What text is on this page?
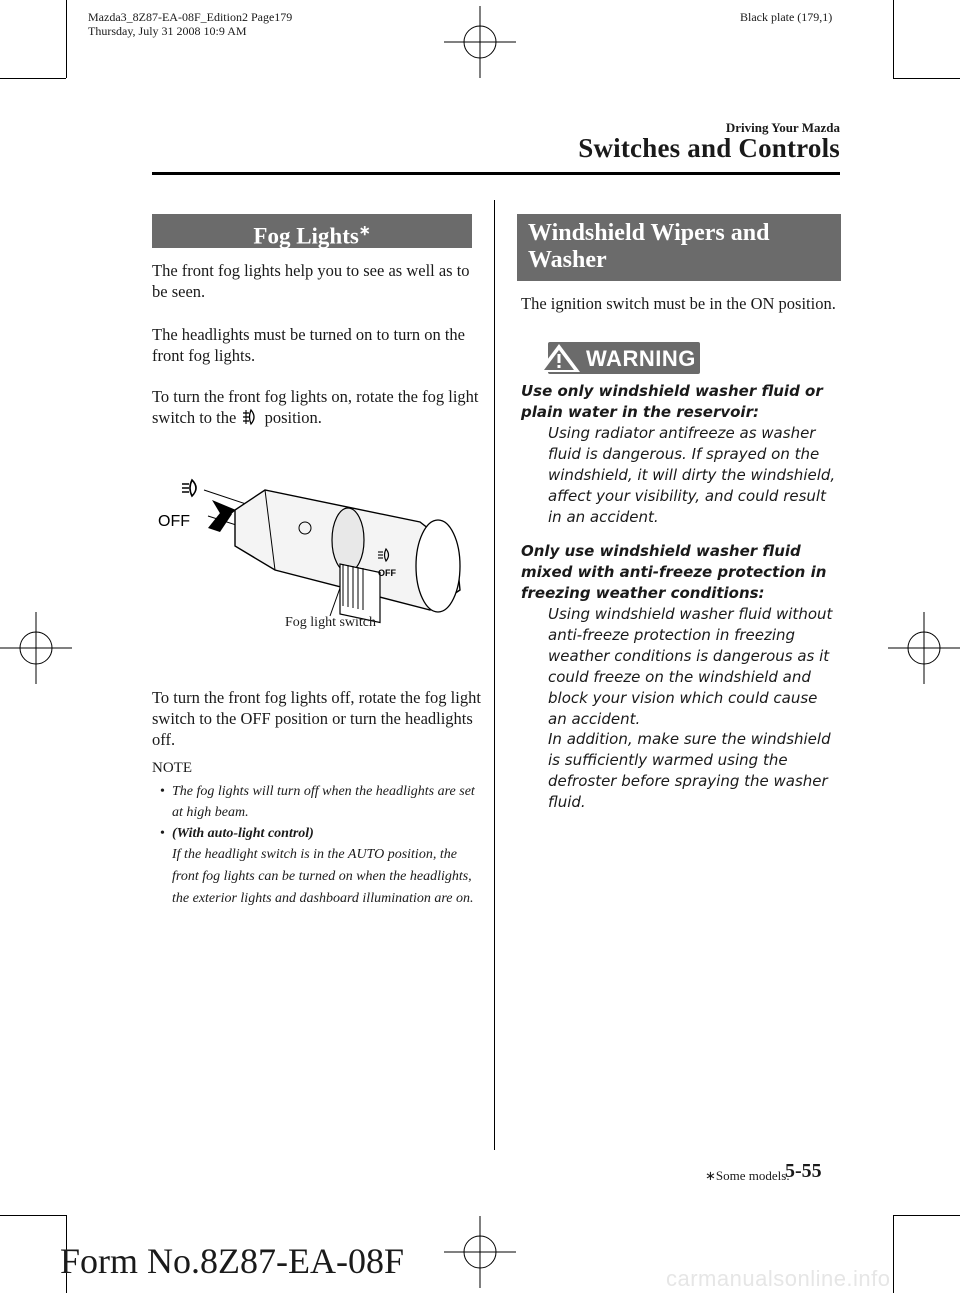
Mazda3_8Z87-EA-08F_Edition2 Page179
Thursday, July 31 2008 10:9 AM
Black plate (179,1)
Driving Your Mazda
Switches and Controls
Fog Lights∗
The front fog lights help you to see as well as to be seen.
The headlights must be turned on to turn on the front fog lights.
To turn the front fog lights on, rotate the fog light switch to the position.
OFF
OFF
Fog light switch
To turn the front fog lights off, rotate the fog light switch to the OFF position or turn the headlights off.
NOTE
• The fog lights will turn off when the headlights are set at high beam.
• (With auto-light control)
If the headlight switch is in the AUTO position, the front fog lights can be turned on when the headlights, the exterior lights and dashboard illumination are on.
Windshield Wipers and Washer
The ignition switch must be in the ON position.
WARNING
Use only windshield washer fluid or plain water in the reservoir:
Using radiator antifreeze as washer fluid is dangerous. If sprayed on the windshield, it will dirty the windshield, affect your visibility, and could result in an accident.
Only use windshield washer fluid mixed with anti-freeze protection in freezing weather conditions:
Using windshield washer fluid without anti-freeze protection in freezing weather conditions is dangerous as it could freeze on the windshield and block your vision which could cause an accident.
In addition, make sure the windshield is sufficiently warmed using the defroster before spraying the washer fluid.
∗Some models.
5-55
Form No.8Z87-EA-08F	carmanualsonline.info
